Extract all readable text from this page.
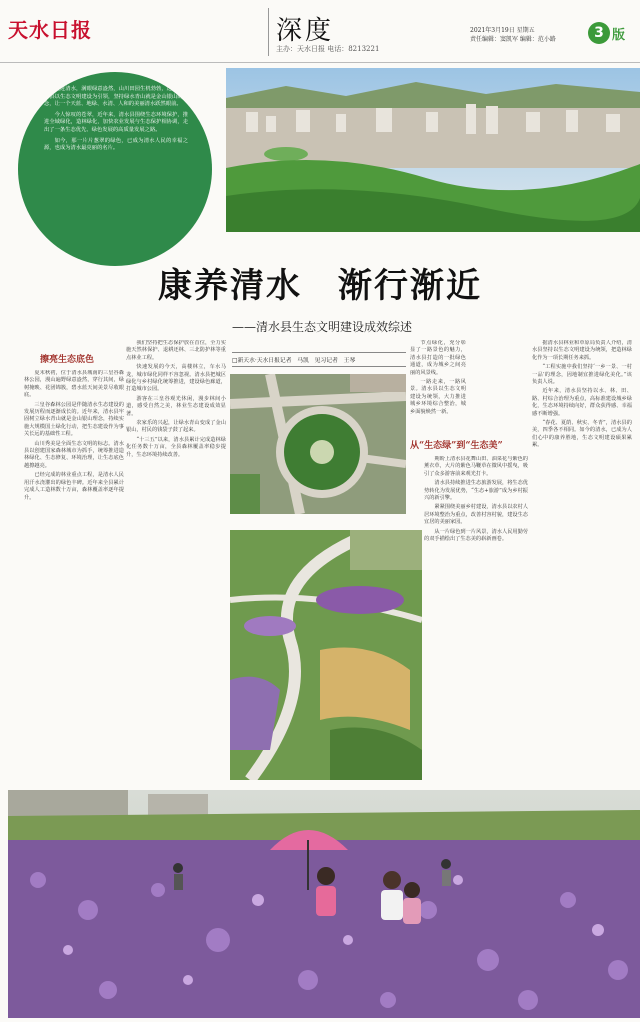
天水日报	深度
主办：天水日报 电话：8213221
2021年3月19日 星期五
责任编辑：窦凯军 编辑：范小路	3 版

走进清水，满眼绿意盎然，山川田园生机勃勃，这里，清水县以生态文明建设为引领，坚持绿水青山就是金山银山的理念，让一个天蓝、地绿、水清、人和的美丽清水跃然眼前。

今人惊叹的苍翠，近年来，清水县围绕生态环境保护，推进全域绿化，造林绿化，加快农业发展与生态保护相协调，走出了一条生态优先、绿色发展的高质量发展之路。

如今，那一片片葱翠的绿色，已成为清水人民的幸福之源，也成为清水最亮丽的名片。

康养清水　渐行渐近
——清水县生态文明建设成效综述
擦亮生态底色

夏末秋初，位于清水县城南的三皇谷森林公园，漫山遍野绿意盎然，穿行其间，绿树掩映、花团锦簇，碧水蓝天间美景尽收眼底。

三皇谷森林公园是伴随清水生态建设的发展历程而逐渐成长的。近年来，清水县牢固树立绿水青山就是金山银山理念，持续实施大规模国土绿化行动，把生态建设作为事关长远的基础性工程。

山川秀美是全面生态文明的标志。清水县以创建国家森林城市为抓手，统筹推进造林绿化、生态修复、环境治理，让生态底色越擦越亮。

已经完成的林业重点工程，是清水人民用汗水浇灌出的绿色丰碑。近年来全县累计完成人工造林数十万亩，森林覆盖率逐年提升。

我们坚持把生态保护放在首位，全力实施天然林保护、退耕还林、三北防护林等重点林业工程。

快速发展的今天，高楼林立，车水马龙，城市绿化同样不容忽视。清水县把城区绿化与乡村绿化统筹推进，建设绿色廊道，打造城市公园。

游客在三皇谷观光休闲，漫步林间小道，感受自然之美，林业生态建设成效显著。

农家乐的兴起，让绿水青山变成了金山银山，村民的钱袋子鼓了起来。

“十三五”以来，清水县累计完成造林绿化任务数十万亩，全县森林覆盖率稳步提升，生态环境持续改善。

□新天水·天水日报记者　马凯　见习记者　王琴

节点绿化，充分彰显了一路景色的魅力，清水县打造的一批绿色通道，成为城乡之间亮丽的风景线。

一路走来，一路风景。清水县以生态文明建设为统领，大力推进城乡环境综合整治，城乡面貌焕然一新。

从“生态绿”到“生态美”

期盼上清水县花舞山田、油菜花与紫色的薰衣草，大片的紫色马鞭草在微风中摇曳，吸引了众多游客前来观光打卡。

清水县持续推进生态旅游发展，将生态优势转化为发展优势，“生态+旅游”成为乡村振兴的新引擎。

紧紧围绕美丽乡村建设，清水县以农村人居环境整治为重点，改善村容村貌，建设生态宜居的美丽家园。

从一片绿色到一片风景，清水人民用勤劳的双手描绘出了生态美的崭新画卷。

据清水县林业和草原局负责人介绍，清水县坚持以生态文明建设为统领，把造林绿化作为一项长期任务来抓。

“工程实施中我们坚持‘一乡一景、一村一品’的理念，因地制宜推进绿化美化。”该负责人说。

近年来，清水县坚持以水、林、田、路、村综合治理为重点，高标准建设城乡绿化，生态环境持续向好，群众获得感、幸福感不断增强。

“春花、夏荫、秋实、冬青”，清水县的美，四季各不相同。如今的清水，已成为人们心中的康养胜地，生态文明建设硕果累累。
